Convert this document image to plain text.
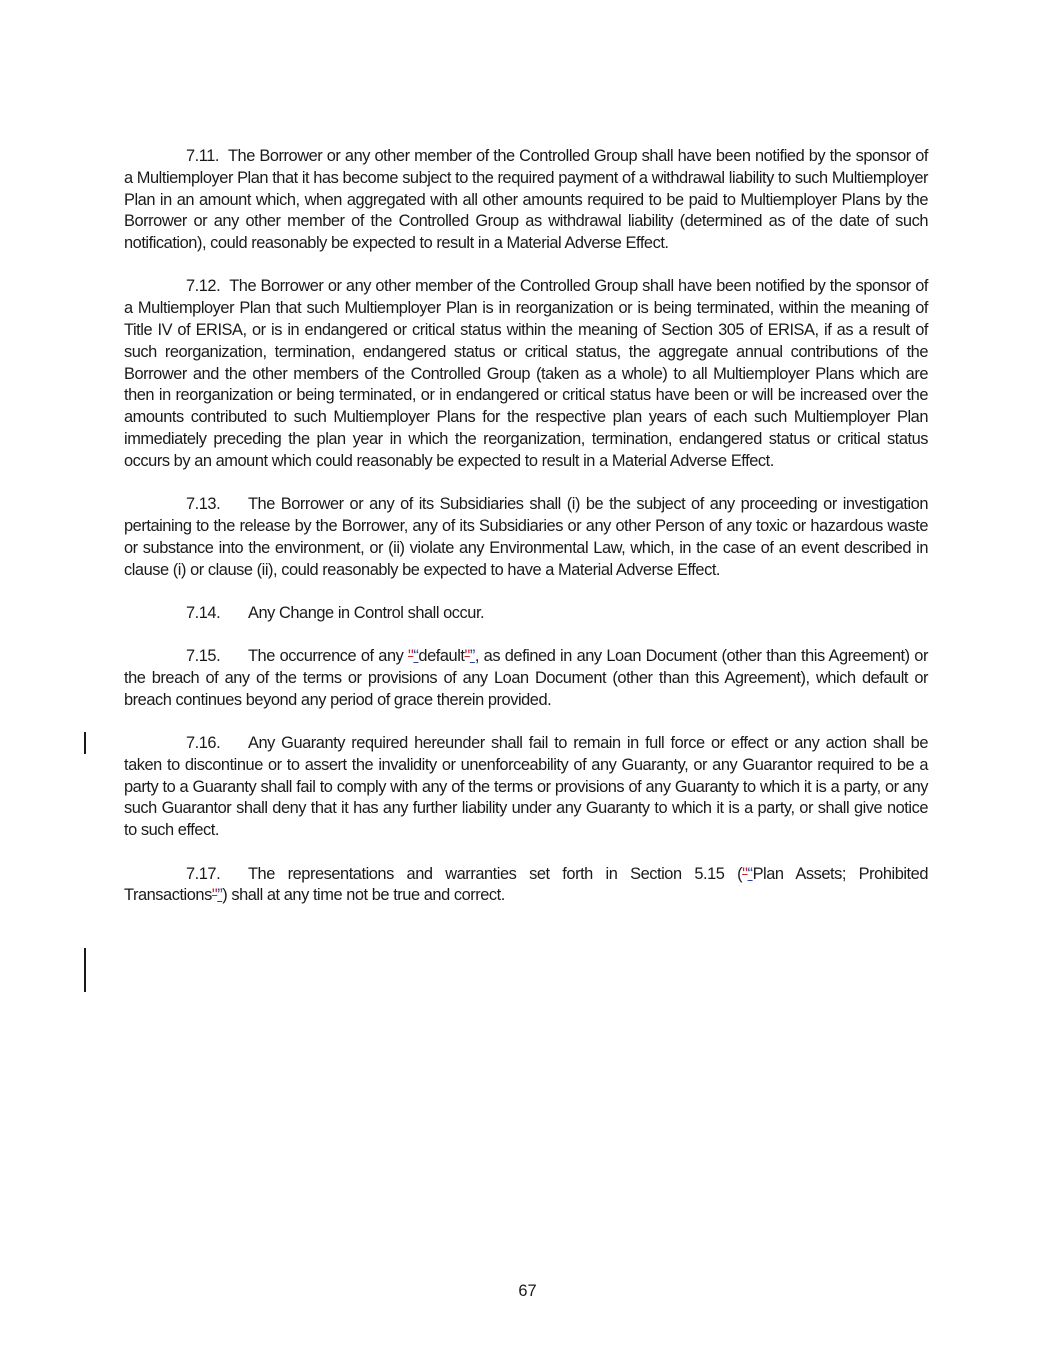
7.11. The Borrower or any other member of the Controlled Group shall have been notified by the sponsor of a Multiemployer Plan that it has become subject to the required payment of a withdrawal liability to such Multiemployer Plan in an amount which, when aggregated with all other amounts required to be paid to Multiemployer Plans by the Borrower or any other member of the Controlled Group as withdrawal liability (determined as of the date of such notification), could reasonably be expected to result in a Material Adverse Effect.

7.12. The Borrower or any other member of the Controlled Group shall have been notified by the sponsor of a Multiemployer Plan that such Multiemployer Plan is in reorganization or is being terminated, within the meaning of Title IV of ERISA, or is in endangered or critical status within the meaning of Section 305 of ERISA, if as a result of such reorganization, termination, endangered status or critical status, the aggregate annual contributions of the Borrower and the other members of the Controlled Group (taken as a whole) to all Multiemployer Plans which are then in reorganization or being terminated, or in endangered or critical status have been or will be increased over the amounts contributed to such Multiemployer Plans for the respective plan years of each such Multiemployer Plan immediately preceding the plan year in which the reorganization, termination, endangered status or critical status occurs by an amount which could reasonably be expected to result in a Material Adverse Effect.

7.13. The Borrower or any of its Subsidiaries shall (i) be the subject of any proceeding or investigation pertaining to the release by the Borrower, any of its Subsidiaries or any other Person of any toxic or hazardous waste or substance into the environment, or (ii) violate any Environmental Law, which, in the case of an event described in clause (i) or clause (ii), could reasonably be expected to have a Material Adverse Effect.

7.14. Any Change in Control shall occur.

7.15. The occurrence of any "“default"”, as defined in any Loan Document (other than this Agreement) or the breach of any of the terms or provisions of any Loan Document (other than this Agreement), which default or breach continues beyond any period of grace therein provided.

7.16. Any Guaranty required hereunder shall fail to remain in full force or effect or any action shall be taken to discontinue or to assert the invalidity or unenforceability of any Guaranty, or any Guarantor required to be a party to a Guaranty shall fail to comply with any of the terms or provisions of any Guaranty to which it is a party, or any such Guarantor shall deny that it has any further liability under any Guaranty to which it is a party, or shall give notice to such effect.

7.17. The representations and warranties set forth in Section 5.15 ("“Plan Assets; Prohibited Transactions"”) shall at any time not be true and correct.

67
